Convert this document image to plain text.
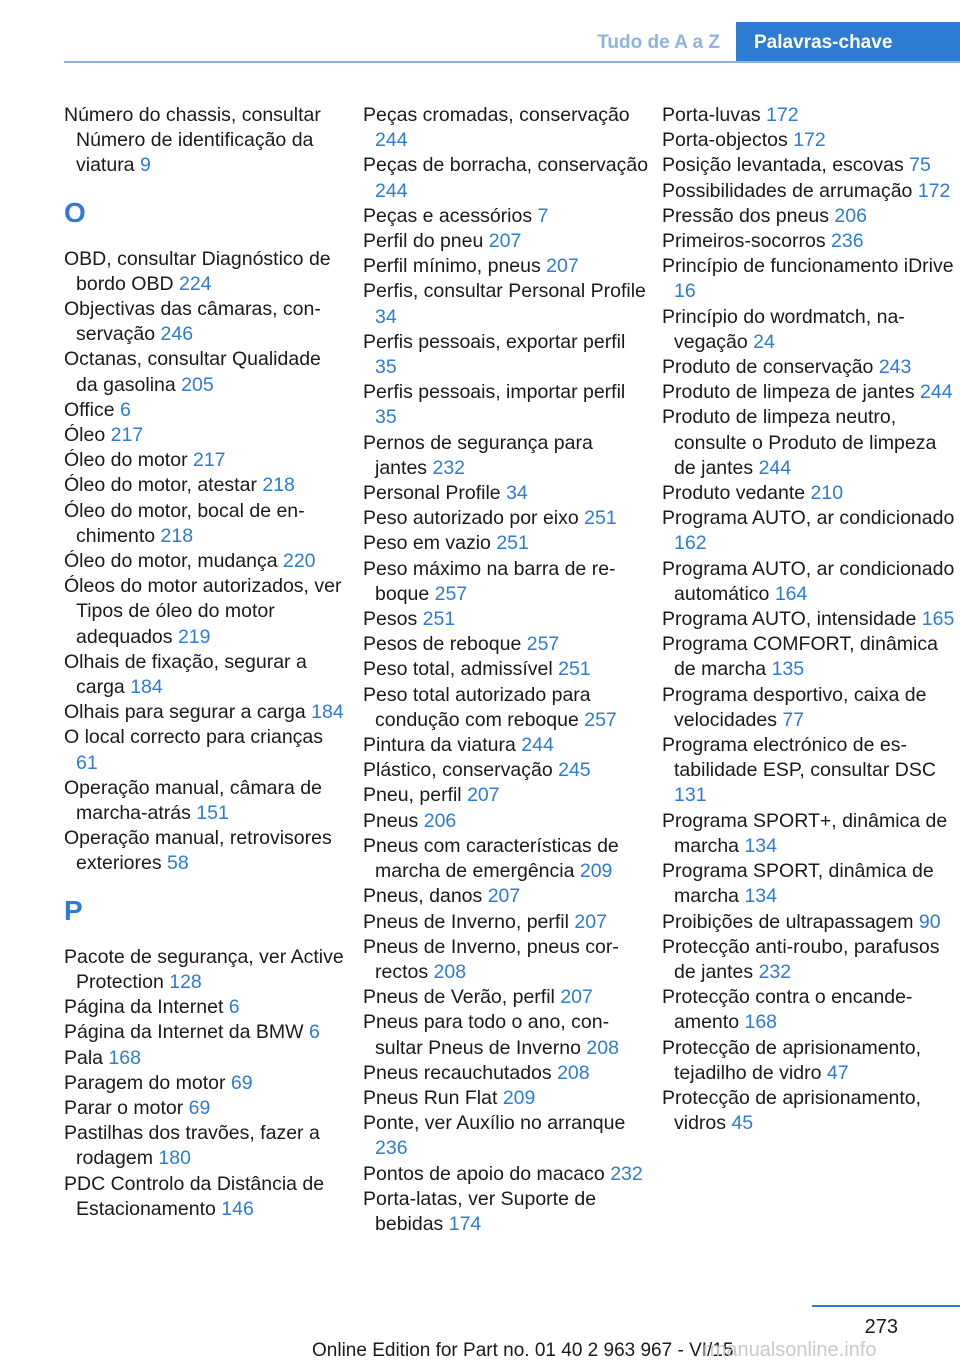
Tudo de A a Z	Palavras-chave
Número do chassis, consultar Número de identificação da viatura 9
O
OBD, consultar Diagnóstico de bordo OBD 224
Objectivas das câmaras, conservação 246
Octanas, consultar Qualidade da gasolina 205
Office 6
Óleo 217
Óleo do motor 217
Óleo do motor, atestar 218
Óleo do motor, bocal de enchimento 218
Óleo do motor, mudança 220
Óleos do motor autorizados, ver Tipos de óleo do motor adequados 219
Olhais de fixação, segurar a carga 184
Olhais para segurar a carga 184
O local correcto para crianças 61
Operação manual, câmara de marcha-atrás 151
Operação manual, retrovisores exteriores 58
P
Pacote de segurança, ver Active Protection 128
Página da Internet 6
Página da Internet da BMW 6
Pala 168
Paragem do motor 69
Parar o motor 69
Pastilhas dos travões, fazer a rodagem 180
PDC Controlo da Distância de Estacionamento 146
Peças cromadas, conservação 244
Peças de borracha, conservação 244
Peças e acessórios 7
Perfil do pneu 207
Perfil mínimo, pneus 207
Perfis, consultar Personal Profile 34
Perfis pessoais, exportar perfil 35
Perfis pessoais, importar perfil 35
Pernos de segurança para jantes 232
Personal Profile 34
Peso autorizado por eixo 251
Peso em vazio 251
Peso máximo na barra de reboque 257
Pesos 251
Pesos de reboque 257
Peso total, admissível 251
Peso total autorizado para condução com reboque 257
Pintura da viatura 244
Plástico, conservação 245
Pneu, perfil 207
Pneus 206
Pneus com características de marcha de emergência 209
Pneus, danos 207
Pneus de Inverno, perfil 207
Pneus de Inverno, pneus correctos 208
Pneus de Verão, perfil 207
Pneus para todo o ano, consultar Pneus de Inverno 208
Pneus recauchutados 208
Pneus Run Flat 209
Ponte, ver Auxílio no arranque 236
Pontos de apoio do macaco 232
Porta-latas, ver Suporte de bebidas 174
Porta-luvas 172
Porta-objectos 172
Posição levantada, escovas 75
Possibilidades de arrumação 172
Pressão dos pneus 206
Primeiros-socorros 236
Princípio de funcionamento iDrive 16
Princípio do wordmatch, navegação 24
Produto de conservação 243
Produto de limpeza de jantes 244
Produto de limpeza neutro, consulte o Produto de limpeza de jantes 244
Produto vedante 210
Programa AUTO, ar condicionado 162
Programa AUTO, ar condicionado automático 164
Programa AUTO, intensidade 165
Programa COMFORT, dinâmica de marcha 135
Programa desportivo, caixa de velocidades 77
Programa electrónico de estabilidade ESP, consultar DSC 131
Programa SPORT+, dinâmica de marcha 134
Programa SPORT, dinâmica de marcha 134
Proibições de ultrapassagem 90
Protecção anti-roubo, parafusos de jantes 232
Protecção contra o encandeamento 168
Protecção de aprisionamento, tejadilho de vidro 47
Protecção de aprisionamento, vidros 45
273
Online Edition for Part no. 01 40 2 963 967 - VI/15
rmanualsonline.info
